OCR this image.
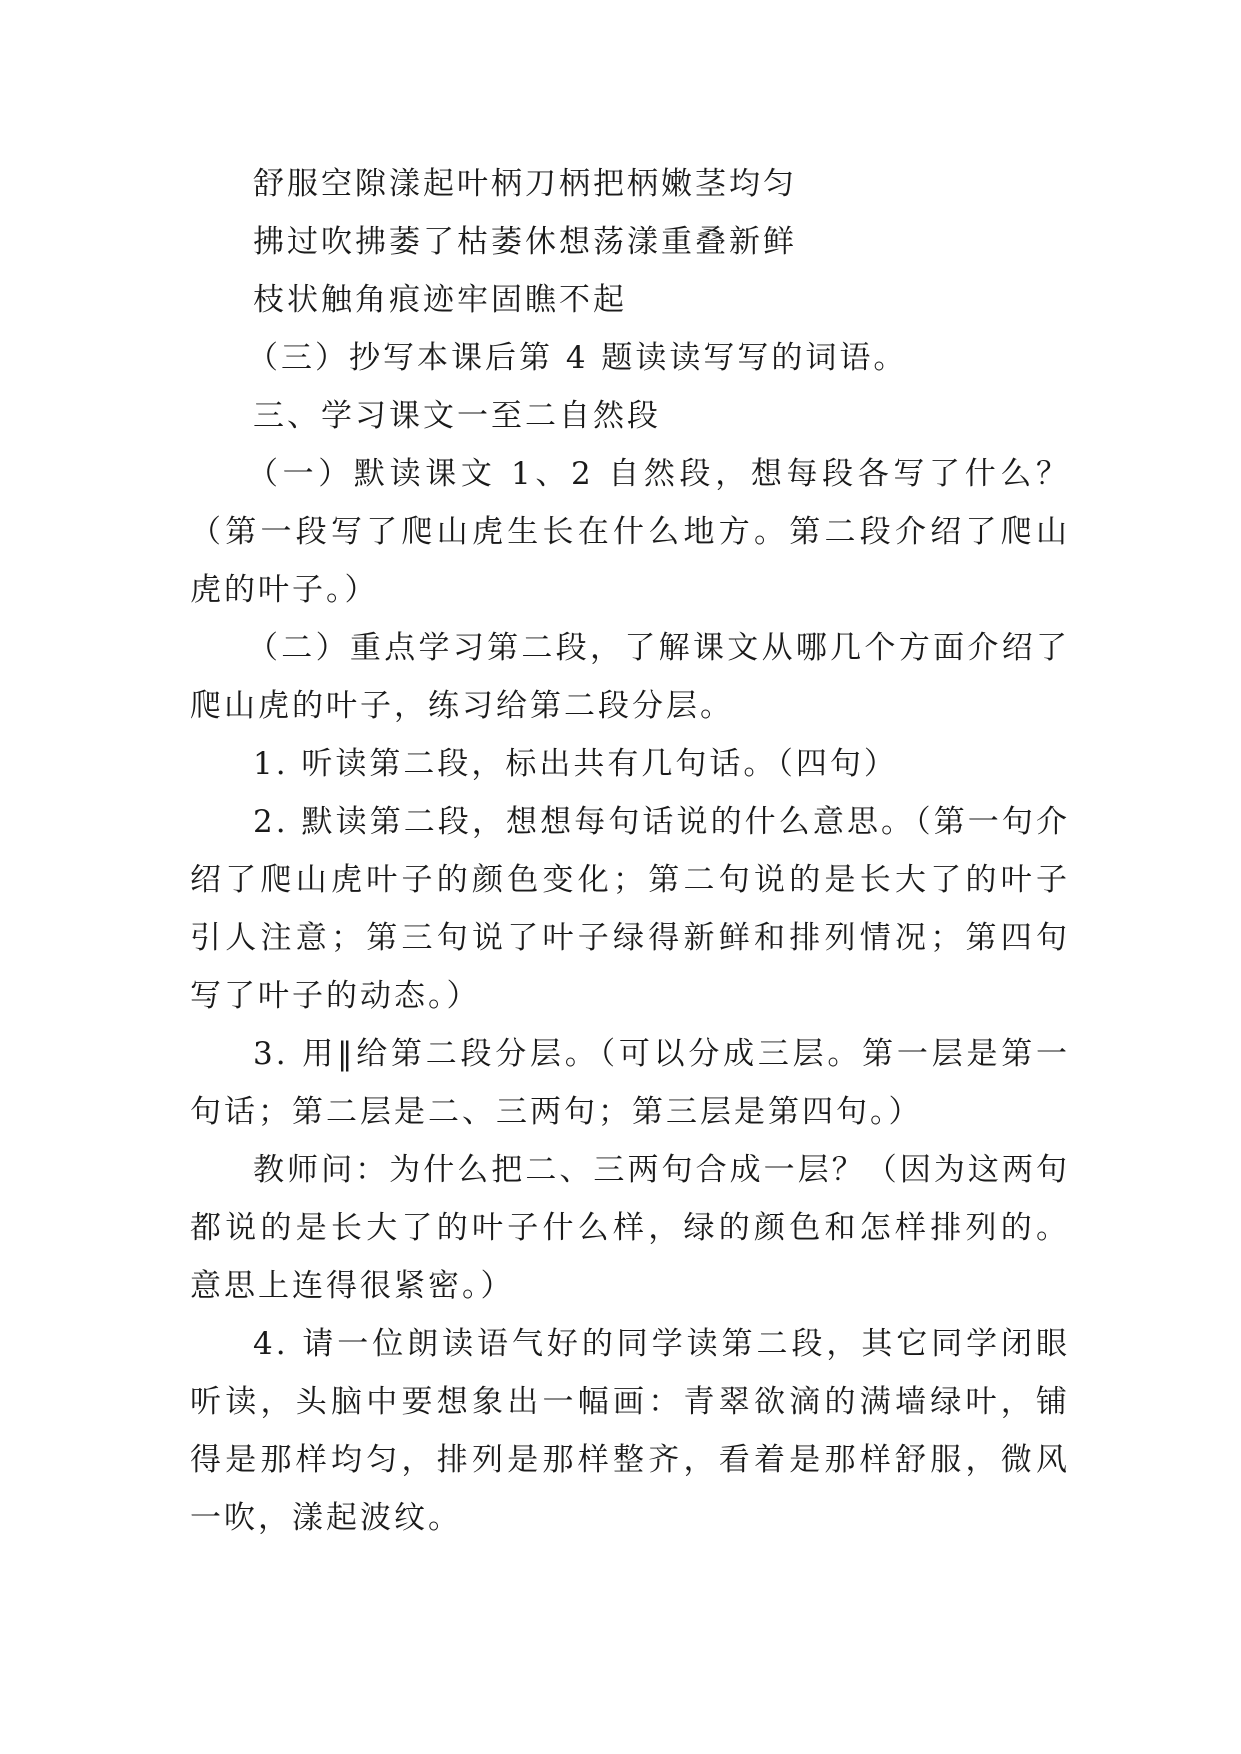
舒服空隙漾起叶柄刀柄把柄嫩茎均匀

拂过吹拂萎了枯萎休想荡漾重叠新鲜

枝状触角痕迹牢固瞧不起

（三）抄写本课后第 4 题读读写写的词语。

三、学习课文一至二自然段

（一）默读课文 1、2 自然段，想每段各写了什么？（第一段写了爬山虎生长在什么地方。第二段介绍了爬山虎的叶子。）

（二）重点学习第二段，了解课文从哪几个方面介绍了爬山虎的叶子，练习给第二段分层。

1. 听读第二段，标出共有几句话。（四句）

2. 默读第二段，想想每句话说的什么意思。（第一句介绍了爬山虎叶子的颜色变化；第二句说的是长大了的叶子引人注意；第三句说了叶子绿得新鲜和排列情况；第四句写了叶子的动态。）

3. 用‖给第二段分层。（可以分成三层。第一层是第一句话；第二层是二、三两句；第三层是第四句。）

教师问：为什么把二、三两句合成一层？（因为这两句都说的是长大了的叶子什么样，绿的颜色和怎样排列的。意思上连得很紧密。）

4. 请一位朗读语气好的同学读第二段，其它同学闭眼听读，头脑中要想象出一幅画：青翠欲滴的满墙绿叶，铺得是那样均匀，排列是那样整齐，看着是那样舒服，微风一吹，漾起波纹。
